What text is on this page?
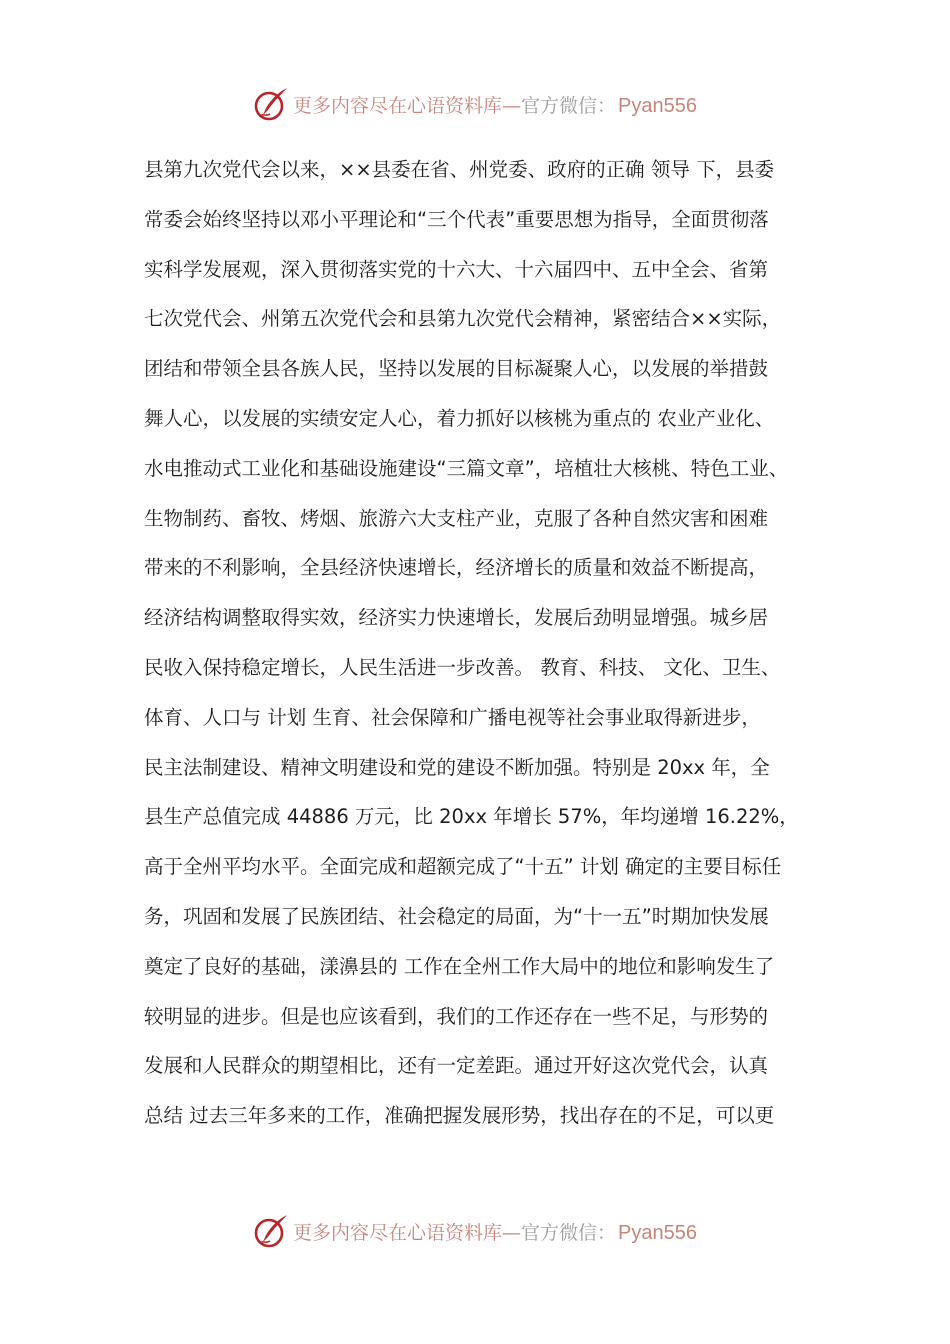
更多内容尽在心语资料库— 官方微信： Pyan556
县第九次党代会以来，××县委在省、州党委、政府的正确 领导 下，县委
常委会始终坚持以邓小平理论和“三个代表”重要思想为指导，全面贯彻落
实科学发展观，深入贯彻落实党的十六大、十六届四中、五中全会、省第
七次党代会、州第五次党代会和县第九次党代会精神，紧密结合××实际，
团结和带领全县各族人民，坚持以发展的目标凝聚人心，以发展的举措鼓
舞人心，以发展的实绩安定人心，着力抓好以核桃为重点的 农业产业化、
水电推动式工业化和基础设施建设“三篇文章”，培植壮大核桃、特色工业、
生物制药、畜牧、烤烟、旅游六大支柱产业，克服了各种自然灾害和困难
带来的不利影响，全县经济快速增长，经济增长的质量和效益不断提高，
经济结构调整取得实效，经济实力快速增长，发展后劲明显增强。城乡居
民收入保持稳定增长，人民生活进一步改善。 教育、科技、 文化、卫生、
体育、人口与 计划 生育、社会保障和广播电视等社会事业取得新进步，
民主法制建设、精神文明建设和党的建设不断加强。特别是 20xx 年，全
县生产总值完成 44886 万元，比 20xx 年增长 57%，年均递增 16.22%，
高于全州平均水平。全面完成和超额完成了“十五” 计划 确定的主要目标任
务，巩固和发展了民族团结、社会稳定的局面，为“十一五”时期加快发展
奠定了良好的基础，漾濞县的 工作在全州工作大局中的地位和影响发生了
较明显的进步。但是也应该看到，我们的工作还存在一些不足，与形势的
发展和人民群众的期望相比，还有一定差距。通过开好这次党代会，认真
总结 过去三年多来的工作，准确把握发展形势，找出存在的不足，可以更
更多内容尽在心语资料库— 官方微信： Pyan556
